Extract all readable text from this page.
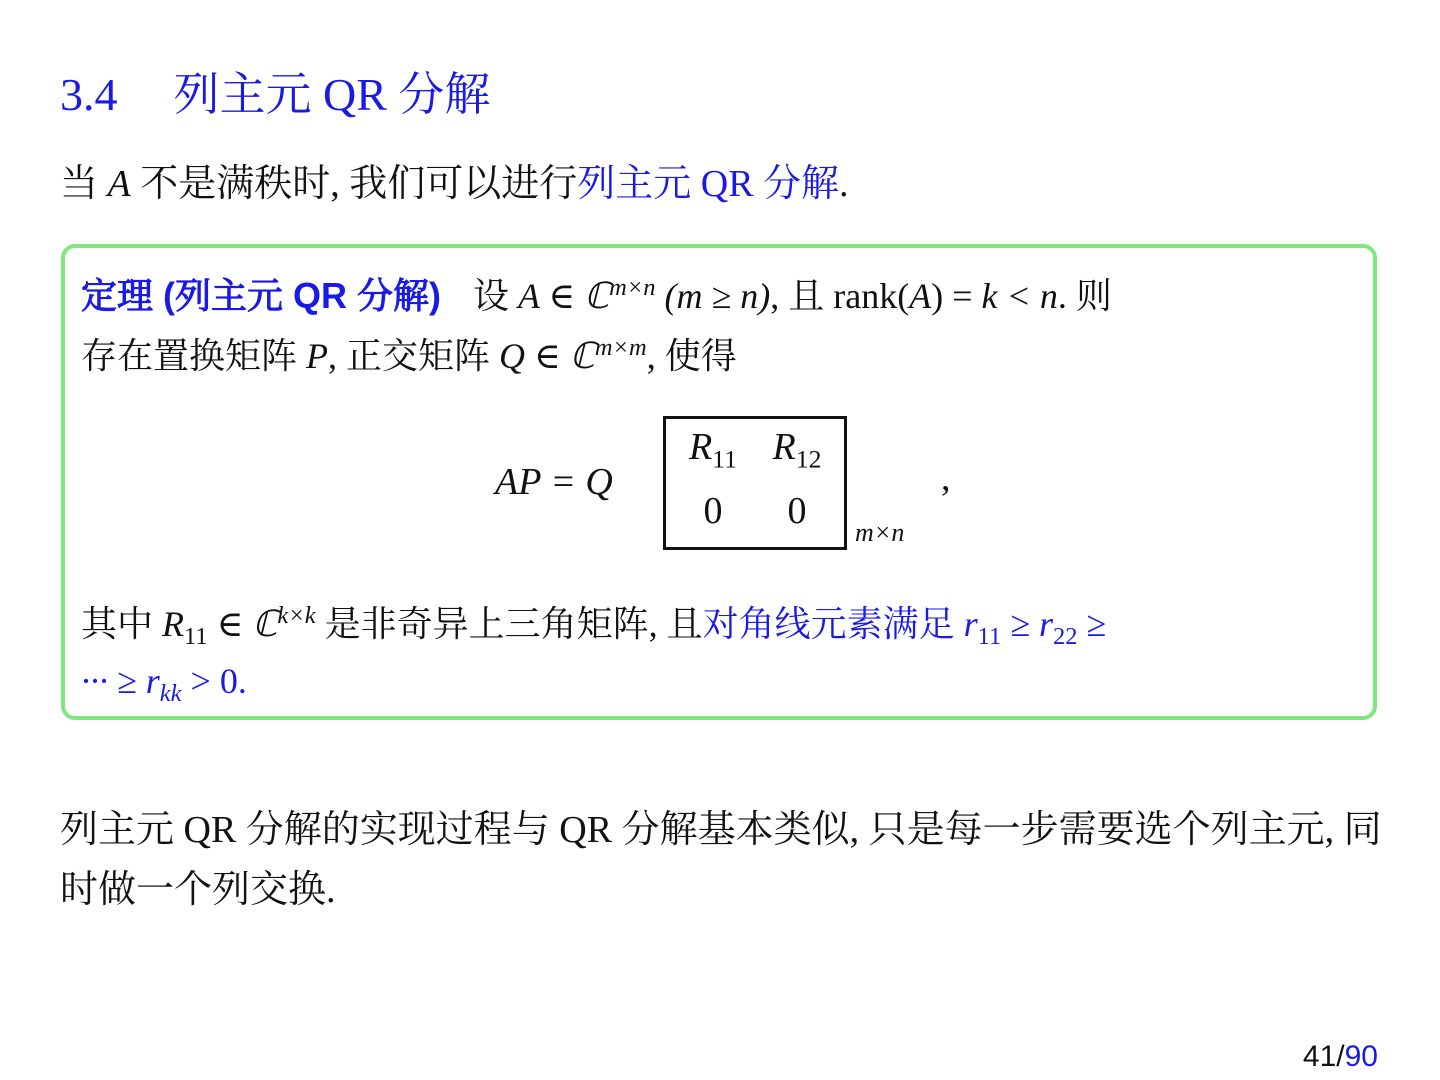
3.4 列主元 QR 分解
当 A 不是满秩时, 我们可以进行列主元 QR 分解.
定理 (列主元 QR 分解) 设 A ∈ ℂ$^{m\times n}$ (m ≥ n), 且 rank(A) = k < n. 则
存在置换矩阵 P, 正交矩阵 Q ∈ ℂ$^{m\times m}$, 使得
AP = Q
$R_{11}$ $R_{12}$
0	0
m×n
,
其中 $R_{11}$ ∈ ℂ$^{k\times k}$ 是非奇异上三角矩阵, 且对角线元素满足 $r_{11} \ge r_{22}$ ≥
··· ≥ $r_{kk} > 0$.
列主元 QR 分解的实现过程与 QR 分解基本类似, 只是每一步需要选个列主元, 同时做一个列交换.
41/90
